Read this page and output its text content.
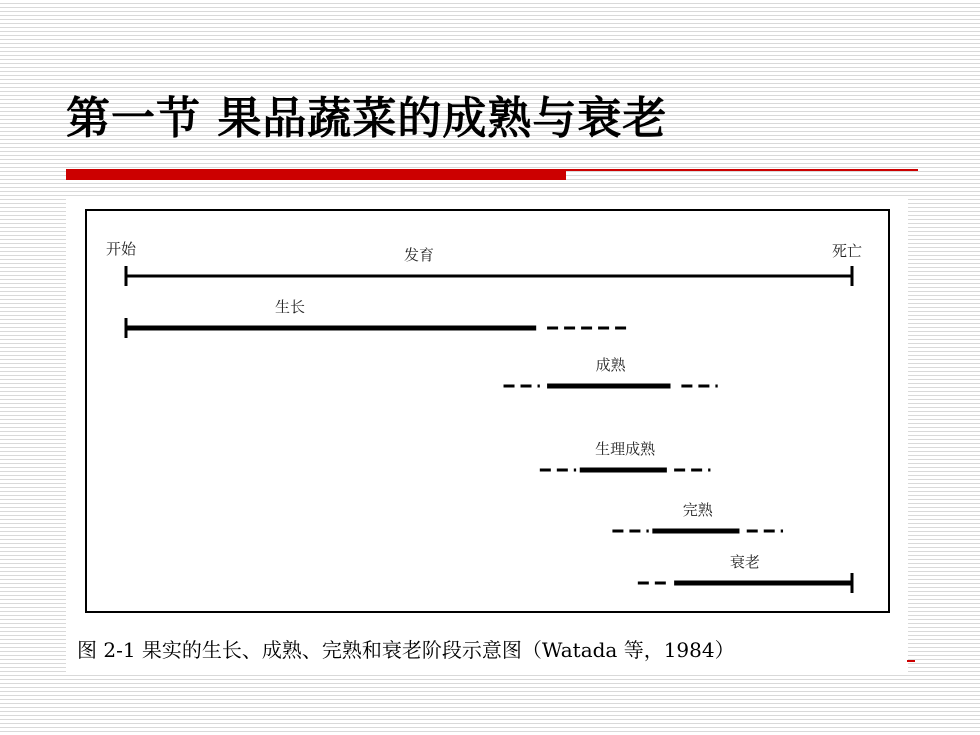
第一节 果品蔬菜的成熟与衰老
发育
生长
成熟
生理成熟
完熟
衰老
开始	死亡

图 2-1 果实的生长、成熟、完熟和衰老阶段示意图（Watada 等，1984）
